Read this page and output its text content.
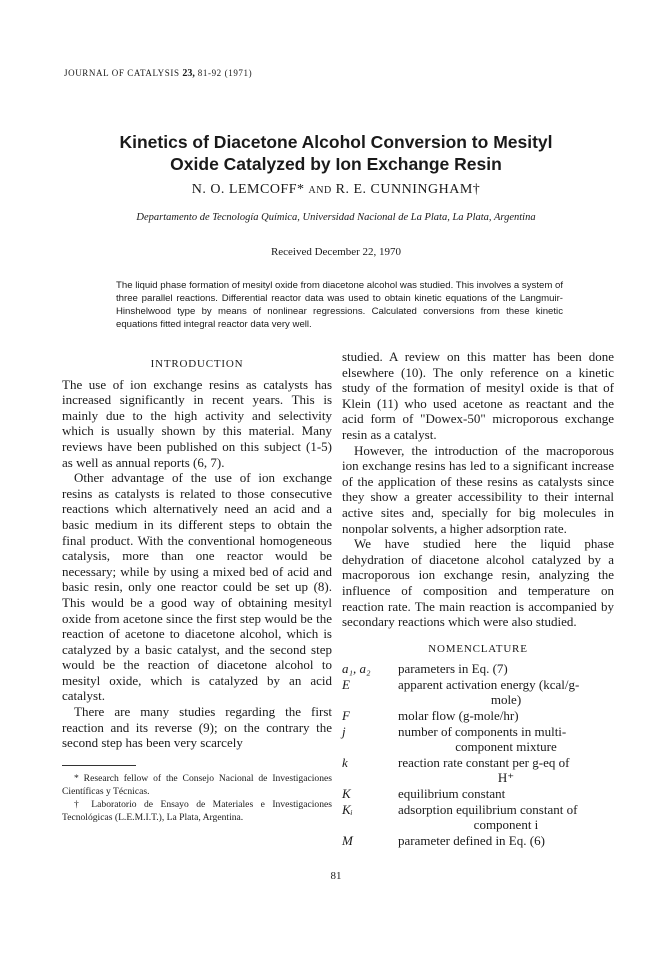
JOURNAL OF CATALYSIS 23, 81-92 (1971)
Kinetics of Diacetone Alcohol Conversion to Mesityl
Oxide Catalyzed by Ion Exchange Resin
N. O. LEMCOFF* AND R. E. CUNNINGHAM†
Departamento de Tecnología Química, Universidad Nacional de La Plata, La Plata, Argentina
Received December 22, 1970
The liquid phase formation of mesityl oxide from diacetone alcohol was studied. This involves a system of three parallel reactions. Differential reactor data was used to obtain kinetic equations of the Langmuir-Hinshelwood type by means of nonlinear regressions. Calculated conversions from these kinetic equations fitted integral reactor data very well.
INTRODUCTION

The use of ion exchange resins as catalysts has increased significantly in recent years. This is mainly due to the high activity and selectivity which is usually shown by this material. Many reviews have been published on this subject (1-5) as well as annual reports (6, 7).

Other advantage of the use of ion exchange resins as catalysts is related to those consecutive reactions which alternatively need an acid and a basic medium in its different steps to obtain the final product. With the conventional homogeneous catalysis, more than one reactor would be necessary; while by using a mixed bed of acid and basic resin, only one reactor could be set up (8). This would be a good way of obtaining mesityl oxide from acetone since the first step would be the reaction of acetone to diacetone alcohol, which is catalyzed by a basic catalyst, and the second step would be the reaction of diacetone alcohol to mesityl oxide, which is catalyzed by an acid catalyst.

There are many studies regarding the first reaction and its reverse (9); on the contrary the second step has been very scarcely

* Research fellow of the Consejo Nacional de Investigaciones Científicas y Técnicas.

† Laboratorio de Ensayo de Materiales e Investigaciones Tecnológicas (L.E.M.I.T.), La Plata, Argentina.

studied. A review on this matter has been done elsewhere (10). The only reference on a kinetic study of the formation of mesityl oxide is that of Klein (11) who used acetone as reactant and the acid form of "Dowex-50" microporous exchange resin as a catalyst.

However, the introduction of the macroporous ion exchange resins has led to a significant increase of the application of these resins as catalysts since they show a greater accessibility to their internal active sites and, specially for big molecules in nonpolar solvents, a higher adsorption rate.

We have studied here the liquid phase dehydration of diacetone alcohol catalyzed by a macroporous ion exchange resin, analyzing the influence of composition and temperature on reaction rate. The main reaction is accompanied by secondary reactions which were also studied.

NOMENCLATURE
a₁, a₂	parameters in Eq. (7)
E	apparent activation energy (kcal/g-
mole)
F	molar flow (g-mole/hr)
j	number of components in multi-
component mixture
k	reaction rate constant per g-eq of
H⁺
K	equilibrium constant
Kᵢ	adsorption equilibrium constant of
component i
M	parameter defined in Eq. (6)
81
